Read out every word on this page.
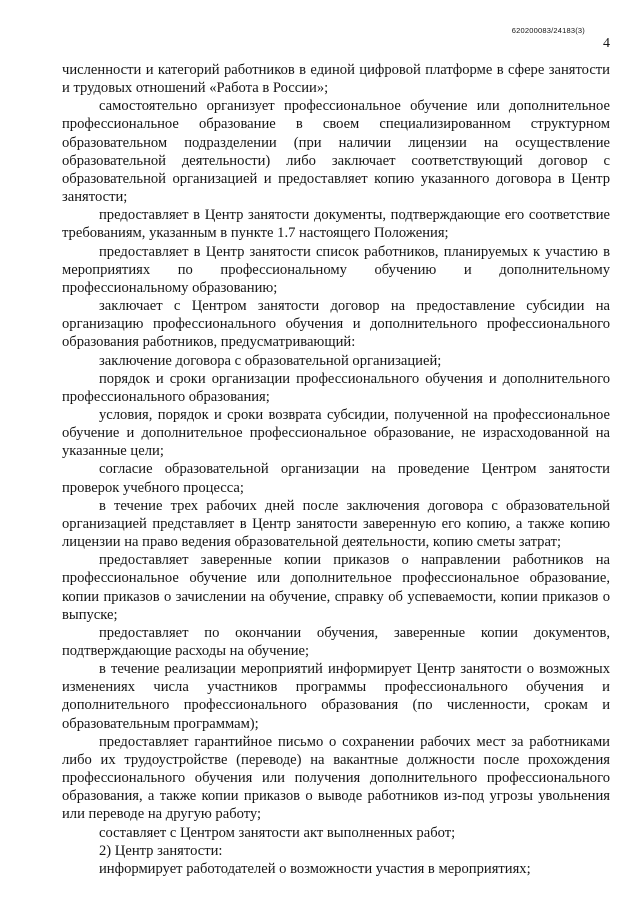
620200083/24183(3)
4

численности и категорий работников в единой цифровой платформе в сфере занятости и трудовых отношений «Работа в России»;

самостоятельно организует профессиональное обучение или дополнительное профессиональное образование в своем специализированном структурном образовательном подразделении (при наличии лицензии на осуществление образовательной деятельности) либо заключает соответствующий договор с образовательной организацией и предоставляет копию указанного договора в Центр занятости;

предоставляет в Центр занятости документы, подтверждающие его соответствие требованиям, указанным в пункте 1.7 настоящего Положения;

предоставляет в Центр занятости список работников, планируемых к участию в мероприятиях по профессиональному обучению и дополнительному профессиональному образованию;

заключает с Центром занятости договор на предоставление субсидии на организацию профессионального обучения и дополнительного профессионального образования работников, предусматривающий:

заключение договора с образовательной организацией;

порядок и сроки организации профессионального обучения и дополнительного профессионального образования;

условия, порядок и сроки возврата субсидии, полученной на профессиональное обучение и дополнительное профессиональное образование, не израсходованной на указанные цели;

согласие образовательной организации на проведение Центром занятости проверок учебного процесса;

в течение трех рабочих дней после заключения договора с образовательной организацией представляет в Центр занятости заверенную его копию, а также копию лицензии на право ведения образовательной деятельности, копию сметы затрат;

предоставляет заверенные копии приказов о направлении работников на профессиональное обучение или дополнительное профессиональное образование, копии приказов о зачислении на обучение, справку об успеваемости, копии приказов о выпуске;

предоставляет по окончании обучения, заверенные копии документов, подтверждающие расходы на обучение;

в течение реализации мероприятий информирует Центр занятости о возможных изменениях числа участников программы профессионального обучения и дополнительного профессионального образования (по численности, срокам и образовательным программам);

предоставляет гарантийное письмо о сохранении рабочих мест за работниками либо их трудоустройстве (переводе) на вакантные должности после прохождения профессионального обучения или получения дополнительного профессионального образования, а также копии приказов о выводе работников из-под угрозы увольнения или переводе на другую работу;

составляет с Центром занятости акт выполненных работ;

2) Центр занятости:

информирует работодателей о возможности участия в мероприятиях;
